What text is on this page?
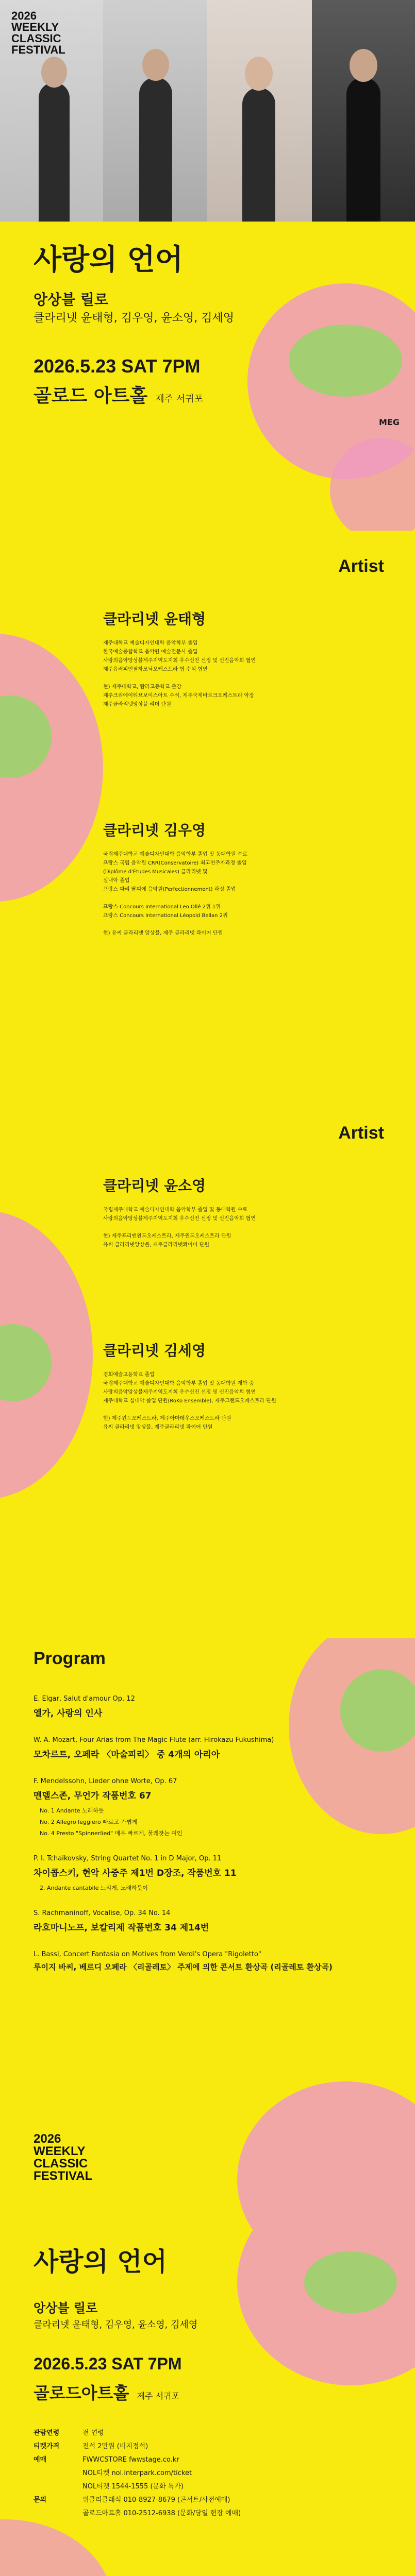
2026
WEEKLY
CLASSIC
FESTIVAL
사랑의 언어
앙상블 릴로
클라리넷 윤태형, 김우영, 윤소영, 김세영
2026.5.23 SAT 7PM
골로드 아트홀 제주 서귀포
MEG
Artist
클라리넷 윤태형
제주대학교 예술디자인대학 음악학부 졸업
한국예술종합학교 음악원 예술전문사 졸업
사랑의음악앙상블제주지역도지회 우수신진 선정 및 신진음악회 협연
제주유러피언필하모닉오케스트라 협 수석 협연
현) 제주대학교, 탐라고등학교 출강
제주크리에이티브보이스아트 수석, 제주국제바로크오케스트라 악장
제주클라리넷앙상블 리더 단원
클라리넷 김우영
국립제주대학교 예술디자인대학 음악학부 졸업 및 동대학원 수료
프랑스 국립 음악원 CRR(Conservatoire) 최고연주자과정 졸업
(Diplôme d'Études Musicales) 클라리넷 및
실내악 졸업
프랑스 파리 딸피에 음악원(Perfectionnement) 과정 졸업
프랑스 Concours International Leo Ollé 2위 1위
프랑스 Concours International Léopold Bellan 2위
현) 유씨 클라리넷 앙상블, 제주 클라리넷 콰이어 단원
Artist
클라리넷 윤소영
국립제주대학교 예술디자인대학 음악학부 졸업 및 동대학원 수료
사랑의음악앙상블제주지역도지회 우수신진 선정 및 신진음악회 협연
현) 제주프리맨윈드오케스트라, 제주윈드오케스트라 단원
유씨 클라리넷앙상블, 제주클라리넷콰이어 단원
클라리넷 김세영
경희예술고등학교 졸업
국립제주대학교 예술디자인대학 음악학부 졸업 및 동대학원 재학 중
사랑의음악앙상블제주지역도지회 우수신진 선정 및 신진음악회 협연
제주대학교 실내악 졸업 단원(RoKo Ensemble), 제주그랜드오케스트라 단원
현) 제주윈드오케스트라, 제주아마데우스오케스트라 단원
유씨 클라리넷 앙상블, 제주클라리넷 콰이어 단원
Program
E. Elgar, Salut d'amour Op. 12
엘가, 사랑의 인사
W. A. Mozart, Four Arias from The Magic Flute (arr. Hirokazu Fukushima)
모차르트, 오페라 〈마술피리〉 중 4개의 아리아
F. Mendelssohn, Lieder ohne Worte, Op. 67
멘델스존, 무언가 작품번호 67
No. 1 Andante 노래하듯
No. 2 Allegro leggiero 빠르고 가볍게
No. 4 Presto "Spinnerlied" 매우 빠르게, 물레잣는 여인
P. I. Tchaikovsky, String Quartet No. 1 in D Major, Op. 11
차이콥스키, 현악 사중주 제1번 D장조, 작품번호 11
2. Andante cantabile 느리게, 노래하듯이
S. Rachmaninoff, Vocalise, Op. 34 No. 14
라흐마니노프, 보칼리제 작품번호 34 제14번
L. Bassi, Concert Fantasia on Motives from Verdi's Opera "Rigoletto"
루이지 바씨, 베르디 오페라 〈리골레토〉 주제에 의한 콘서트 환상곡 (리골레토 환상곡)
2026
WEEKLY
CLASSIC
FESTIVAL
사랑의 언어
앙상블 릴로
클라리넷 윤태형, 김우영, 윤소영, 김세영
2026.5.23 SAT 7PM
골로드아트홀 제주 서귀포
관람연령	전 연령
티켓가격	전석 2만원 (비지정석)
예매	FWWCSTORE fwwstage.co.kr
NOL티켓 nol.interpark.com/ticket
NOL티켓 1544-1555 (문화 특가)
문의	위클리클래식 010-8927-8679 (콘서트/사전예매)
골로드아트홀 010-2512-6938 (문화/당일 현장 예매)
